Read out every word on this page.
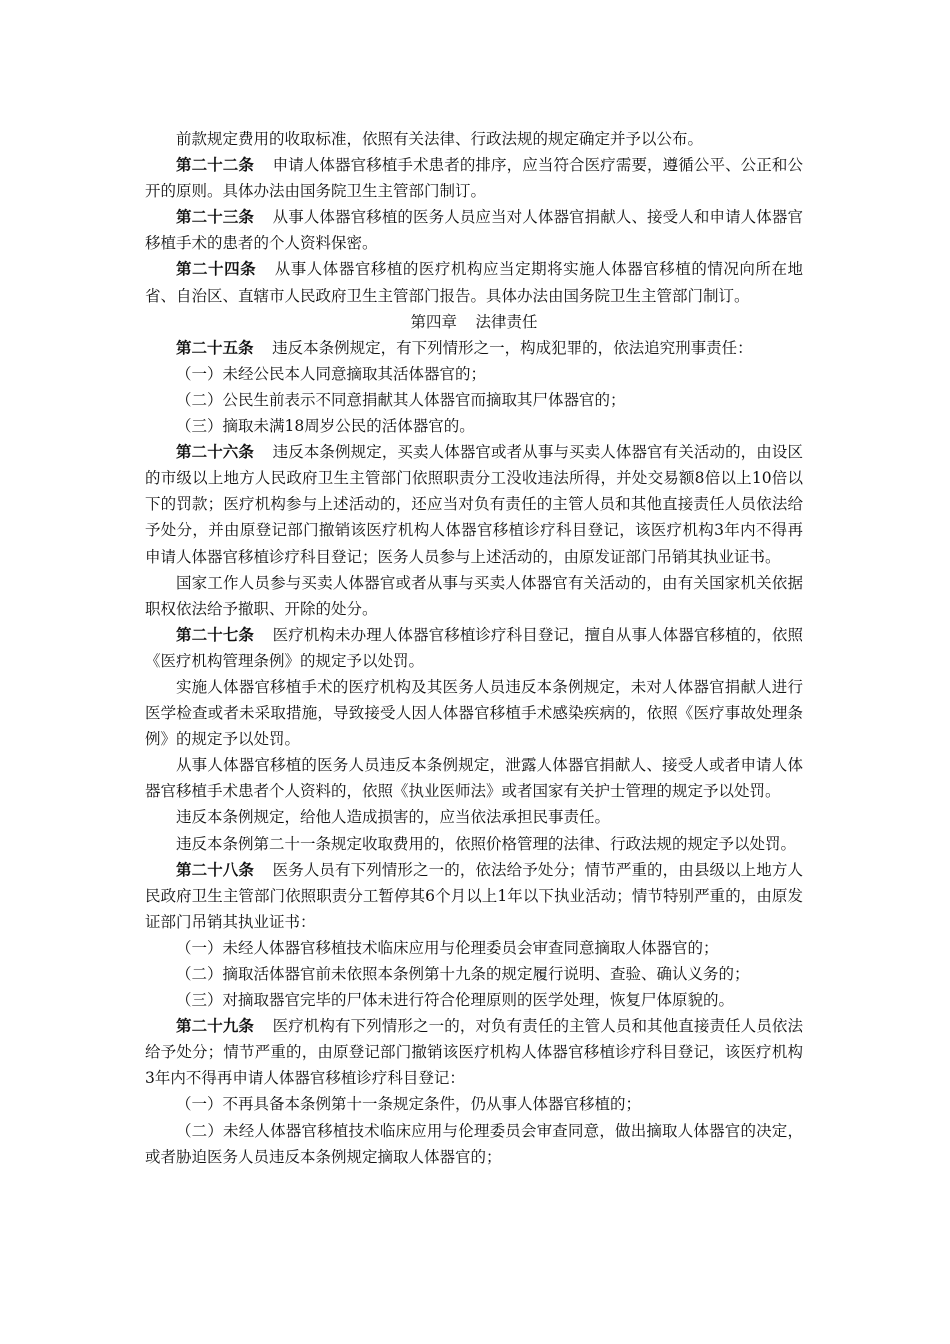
前款规定费用的收取标准，依照有关法律、行政法规的规定确定并予以公布。

第二十二条 申请人体器官移植手术患者的排序，应当符合医疗需要，遵循公平、公正和公开的原则。具体办法由国务院卫生主管部门制订。

第二十三条 从事人体器官移植的医务人员应当对人体器官捐献人、接受人和申请人体器官移植手术的患者的个人资料保密。

第二十四条 从事人体器官移植的医疗机构应当定期将实施人体器官移植的情况向所在地省、自治区、直辖市人民政府卫生主管部门报告。具体办法由国务院卫生主管部门制订。

第四章 法律责任

第二十五条 违反本条例规定，有下列情形之一，构成犯罪的，依法追究刑事责任：

（一）未经公民本人同意摘取其活体器官的；

（二）公民生前表示不同意捐献其人体器官而摘取其尸体器官的；

（三）摘取未满18周岁公民的活体器官的。

第二十六条 违反本条例规定，买卖人体器官或者从事与买卖人体器官有关活动的，由设区的市级以上地方人民政府卫生主管部门依照职责分工没收违法所得，并处交易额8倍以上10倍以下的罚款；医疗机构参与上述活动的，还应当对负有责任的主管人员和其他直接责任人员依法给予处分，并由原登记部门撤销该医疗机构人体器官移植诊疗科目登记，该医疗机构3年内不得再申请人体器官移植诊疗科目登记；医务人员参与上述活动的，由原发证部门吊销其执业证书。

国家工作人员参与买卖人体器官或者从事与买卖人体器官有关活动的，由有关国家机关依据职权依法给予撤职、开除的处分。

第二十七条 医疗机构未办理人体器官移植诊疗科目登记，擅自从事人体器官移植的，依照《医疗机构管理条例》的规定予以处罚。

实施人体器官移植手术的医疗机构及其医务人员违反本条例规定，未对人体器官捐献人进行医学检查或者未采取措施，导致接受人因人体器官移植手术感染疾病的，依照《医疗事故处理条例》的规定予以处罚。

从事人体器官移植的医务人员违反本条例规定，泄露人体器官捐献人、接受人或者申请人体器官移植手术患者个人资料的，依照《执业医师法》或者国家有关护士管理的规定予以处罚。

违反本条例规定，给他人造成损害的，应当依法承担民事责任。

违反本条例第二十一条规定收取费用的，依照价格管理的法律、行政法规的规定予以处罚。

第二十八条 医务人员有下列情形之一的，依法给予处分；情节严重的，由县级以上地方人民政府卫生主管部门依照职责分工暂停其6个月以上1年以下执业活动；情节特别严重的，由原发证部门吊销其执业证书：

（一）未经人体器官移植技术临床应用与伦理委员会审查同意摘取人体器官的；

（二）摘取活体器官前未依照本条例第十九条的规定履行说明、查验、确认义务的；

（三）对摘取器官完毕的尸体未进行符合伦理原则的医学处理，恢复尸体原貌的。

第二十九条 医疗机构有下列情形之一的，对负有责任的主管人员和其他直接责任人员依法给予处分；情节严重的，由原登记部门撤销该医疗机构人体器官移植诊疗科目登记，该医疗机构3年内不得再申请人体器官移植诊疗科目登记：

（一）不再具备本条例第十一条规定条件，仍从事人体器官移植的；

（二）未经人体器官移植技术临床应用与伦理委员会审查同意，做出摘取人体器官的决定，或者胁迫医务人员违反本条例规定摘取人体器官的；
